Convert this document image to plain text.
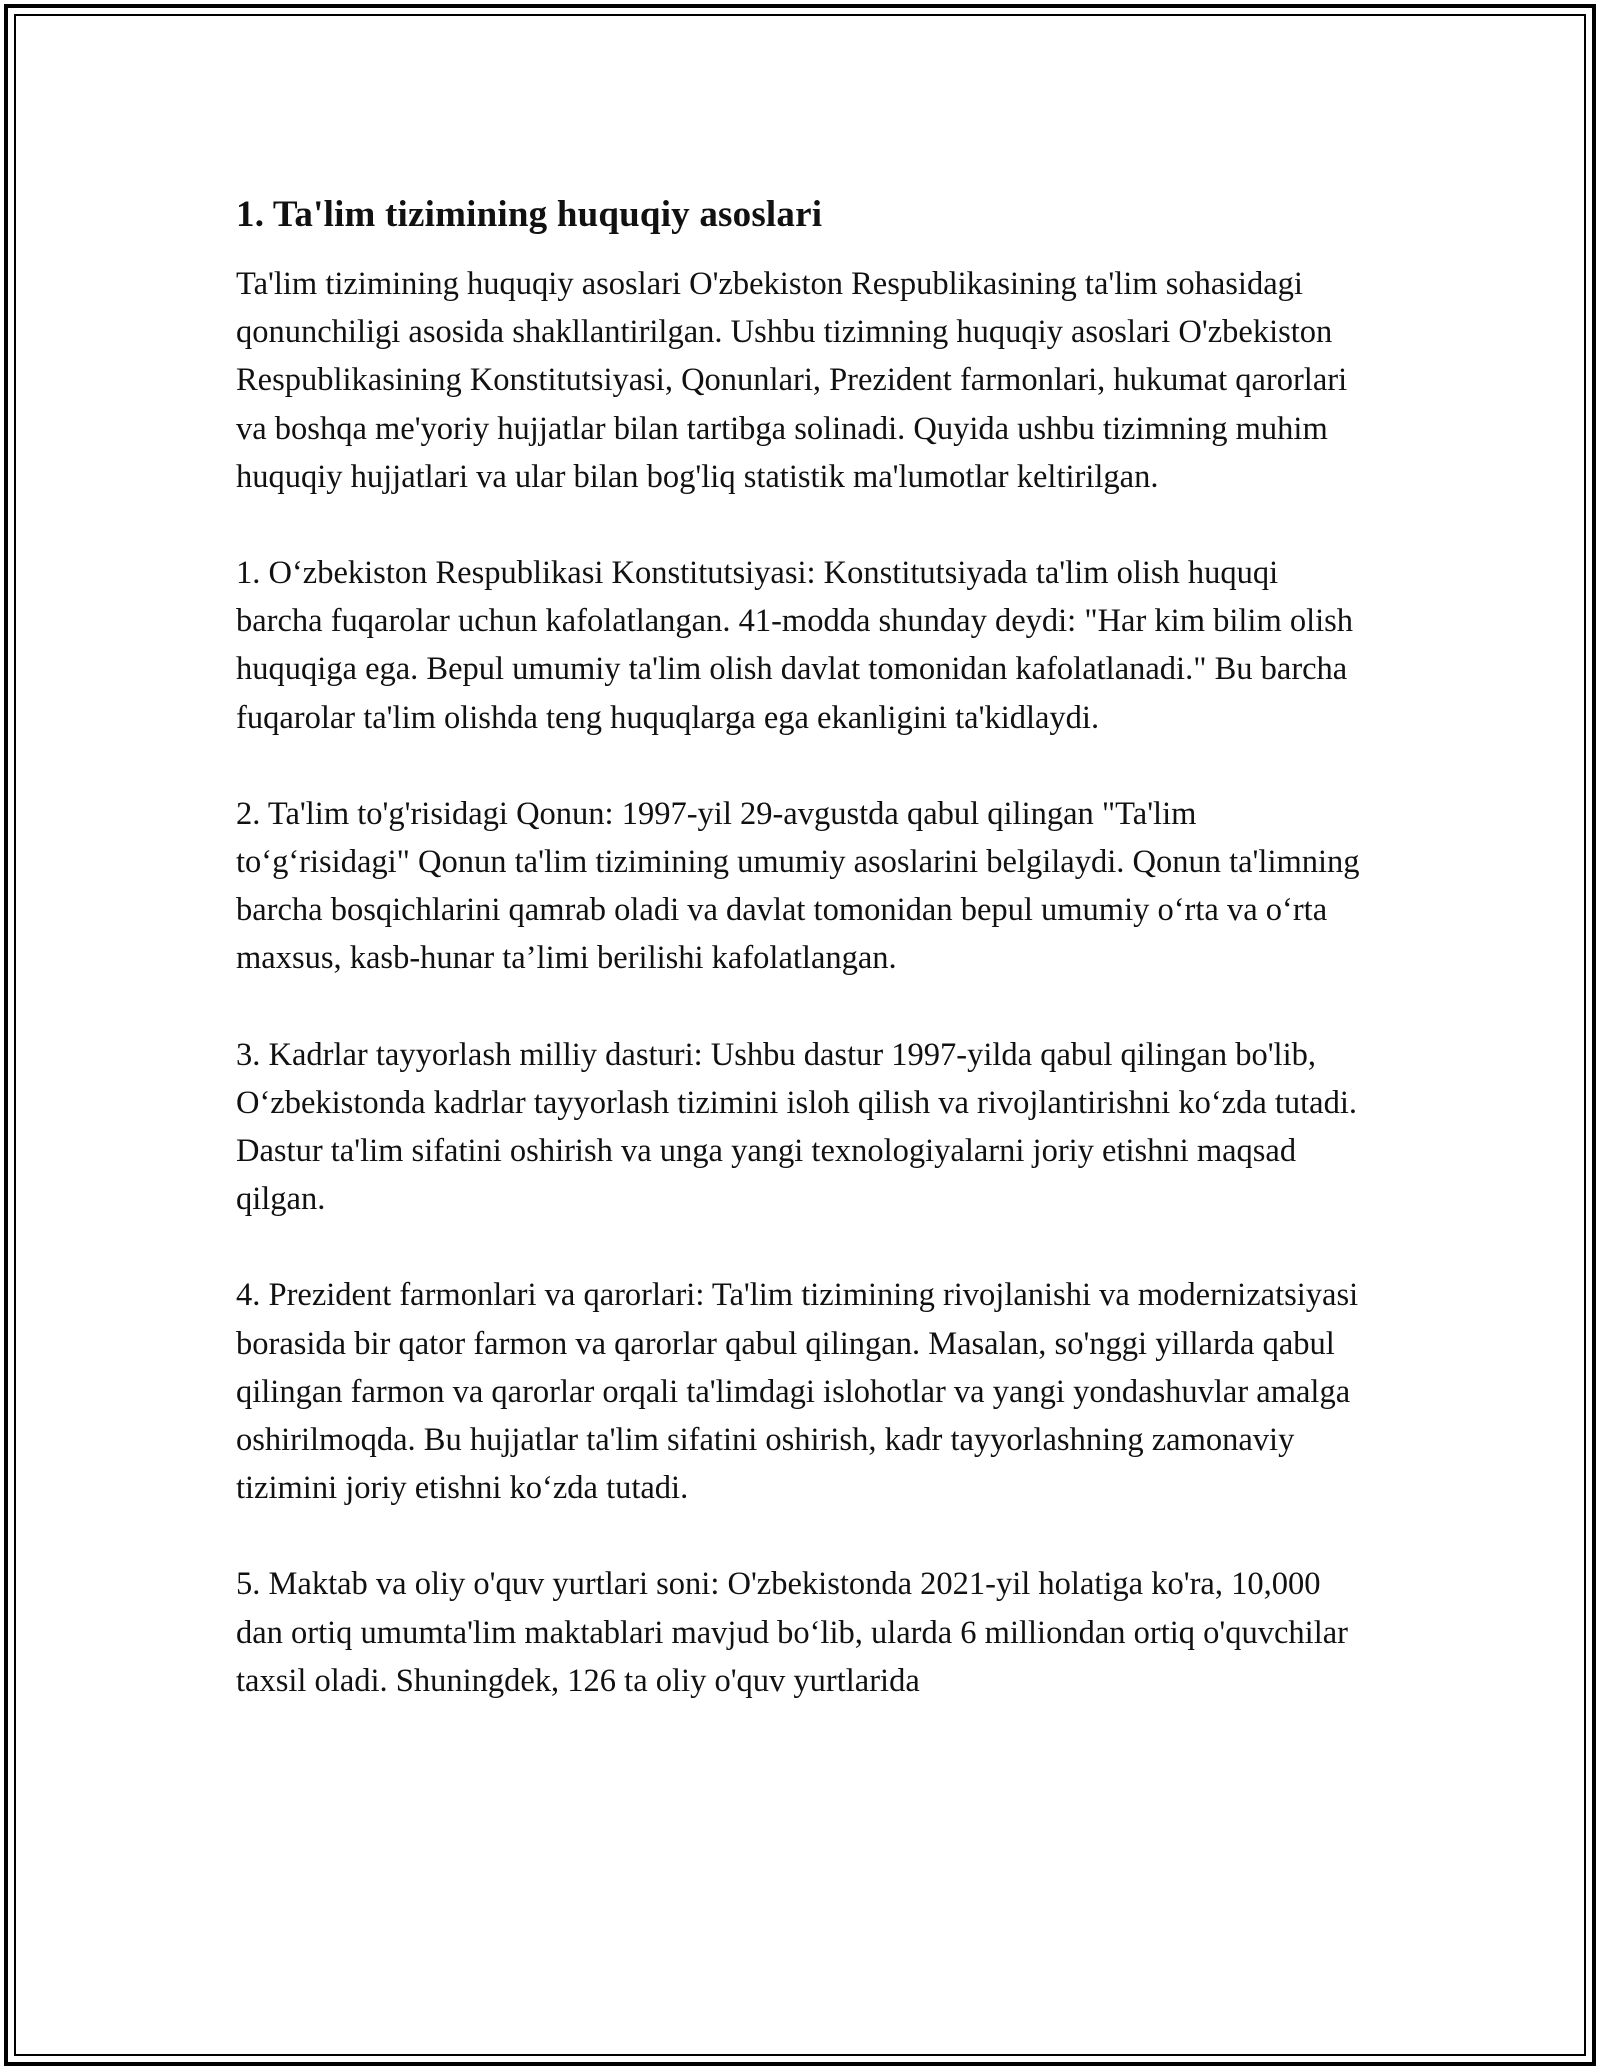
1. Ta'lim tizimining huquqiy asoslari

Ta'lim tizimining huquqiy asoslari O'zbekiston Respublikasining ta'lim sohasidagi qonunchiligi asosida shakllantirilgan. Ushbu tizimning huquqiy asoslari O'zbekiston Respublikasining Konstitutsiyasi, Qonunlari, Prezident farmonlari, hukumat qarorlari va boshqa me'yoriy hujjatlar bilan tartibga solinadi. Quyida ushbu tizimning muhim huquqiy hujjatlari va ular bilan bog'liq statistik ma'lumotlar keltirilgan.

1. O‘zbekiston Respublikasi Konstitutsiyasi: Konstitutsiyada ta'lim olish huquqi barcha fuqarolar uchun kafolatlangan. 41-modda shunday deydi: "Har kim bilim olish huquqiga ega. Bepul umumiy ta'lim olish davlat tomonidan kafolatlanadi." Bu barcha fuqarolar ta'lim olishda teng huquqlarga ega ekanligini ta'kidlaydi.

2. Ta'lim to'g'risidagi Qonun: 1997-yil 29-avgustda qabul qilingan "Ta'lim to‘g‘risidagi" Qonun ta'lim tizimining umumiy asoslarini belgilaydi. Qonun ta'limning barcha bosqichlarini qamrab oladi va davlat tomonidan bepul umumiy o‘rta va o‘rta maxsus, kasb-hunar ta’limi berilishi kafolatlangan.

3. Kadrlar tayyorlash milliy dasturi: Ushbu dastur 1997-yilda qabul qilingan bo'lib, O‘zbekistonda kadrlar tayyorlash tizimini isloh qilish va rivojlantirishni ko‘zda tutadi. Dastur ta'lim sifatini oshirish va unga yangi texnologiyalarni joriy etishni maqsad qilgan.

4. Prezident farmonlari va qarorlari: Ta'lim tizimining rivojlanishi va modernizatsiyasi borasida bir qator farmon va qarorlar qabul qilingan. Masalan, so'nggi yillarda qabul qilingan farmon va qarorlar orqali ta'limdagi islohotlar va yangi yondashuvlar amalga oshirilmoqda. Bu hujjatlar ta'lim sifatini oshirish, kadr tayyorlashning zamonaviy tizimini joriy etishni ko‘zda tutadi.

5. Maktab va oliy o'quv yurtlari soni: O'zbekistonda 2021-yil holatiga ko'ra, 10,000 dan ortiq umumta'lim maktablari mavjud bo‘lib, ularda 6 milliondan ortiq o'quvchilar taxsil oladi. Shuningdek, 126 ta oliy o'quv yurtlarida
